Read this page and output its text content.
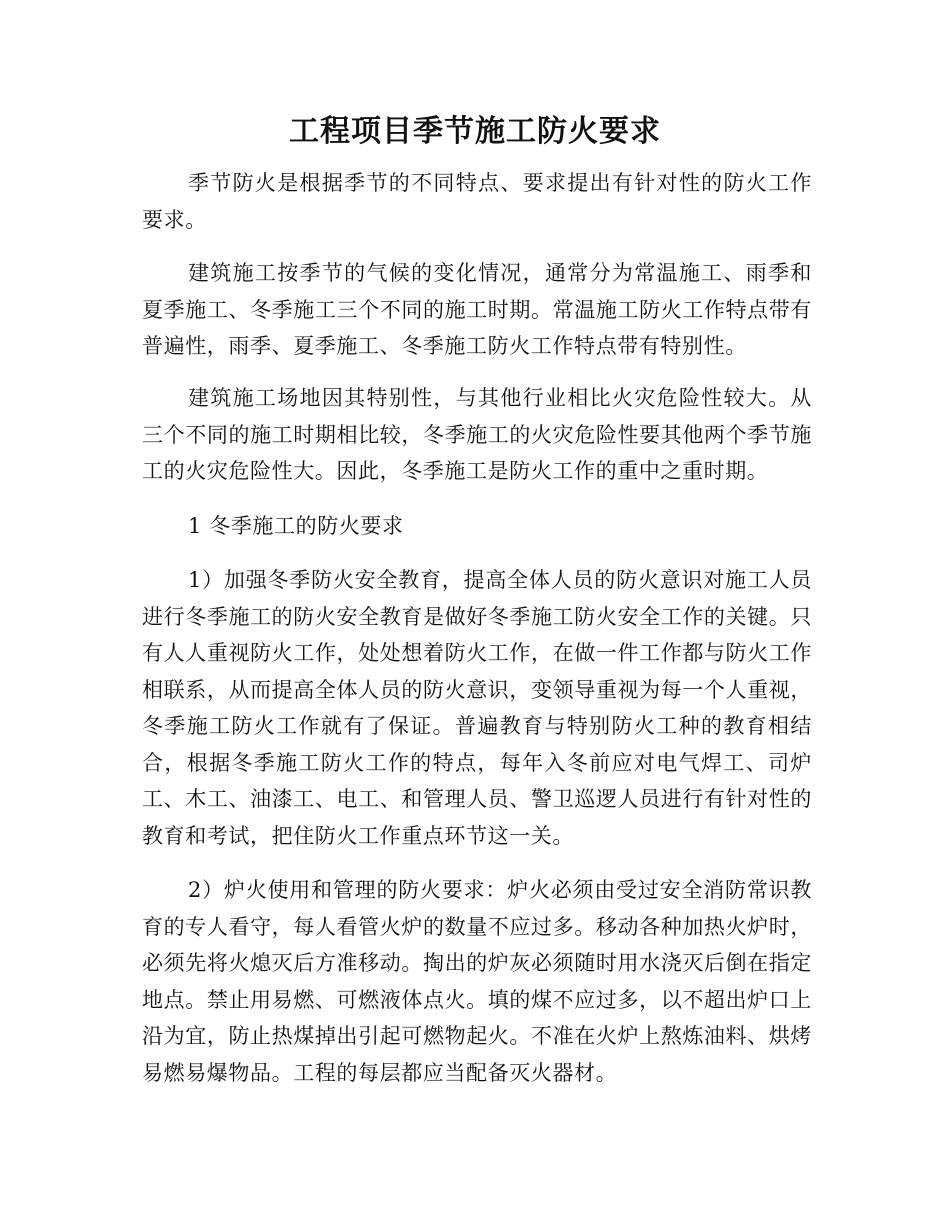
工程项目季节施工防火要求
季节防火是根据季节的不同特点、要求提出有针对性的防火工作要求。
建筑施工按季节的气候的变化情况，通常分为常温施工、雨季和夏季施工、冬季施工三个不同的施工时期。常温施工防火工作特点带有普遍性，雨季、夏季施工、冬季施工防火工作特点带有特别性。
建筑施工场地因其特别性，与其他行业相比火灾危险性较大。从三个不同的施工时期相比较，冬季施工的火灾危险性要其他两个季节施工的火灾危险性大。因此，冬季施工是防火工作的重中之重时期。
1 冬季施工的防火要求
1）加强冬季防火安全教育，提高全体人员的防火意识对施工人员进行冬季施工的防火安全教育是做好冬季施工防火安全工作的关键。只有人人重视防火工作，处处想着防火工作，在做一件工作都与防火工作相联系，从而提高全体人员的防火意识，变领导重视为每一个人重视，冬季施工防火工作就有了保证。普遍教育与特别防火工种的教育相结合，根据冬季施工防火工作的特点，每年入冬前应对电气焊工、司炉工、木工、油漆工、电工、和管理人员、警卫巡逻人员进行有针对性的教育和考试，把住防火工作重点环节这一关。
2）炉火使用和管理的防火要求：炉火必须由受过安全消防常识教育的专人看守，每人看管火炉的数量不应过多。移动各种加热火炉时，必须先将火熄灭后方准移动。掏出的炉灰必须随时用水浇灭后倒在指定地点。禁止用易燃、可燃液体点火。填的煤不应过多，以不超出炉口上沿为宜，防止热煤掉出引起可燃物起火。不准在火炉上熬炼油料、烘烤易燃易爆物品。工程的每层都应当配备灭火器材。
